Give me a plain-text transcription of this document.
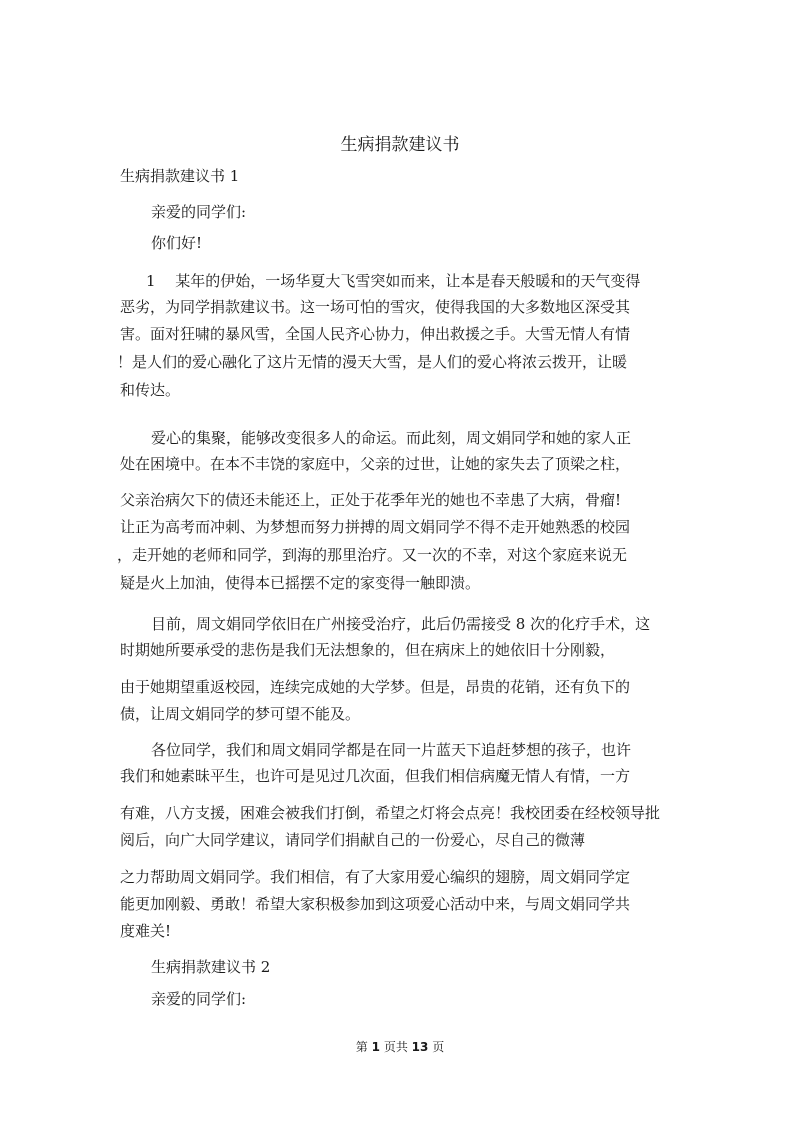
生病捐款建议书
生病捐款建议书 1
亲爱的同学们:
你们好!
1　 某年的伊始，一场华夏大飞雪突如而来，让本是春天般暖和的天气变得
恶劣，为同学捐款建议书。这一场可怕的雪灾，使得我国的大多数地区深受其
害。面对狂啸的暴风雪，全国人民齐心协力，伸出救援之手。大雪无情人有情
！是人们的爱心融化了这片无情的漫天大雪，是人们的爱心将浓云拨开，让暖
和传达。
爱心的集聚，能够改变很多人的命运。而此刻，周文娟同学和她的家人正
处在困境中。在本不丰饶的家庭中，父亲的过世，让她的家失去了顶梁之柱，
父亲治病欠下的债还未能还上，正处于花季年光的她也不幸患了大病，骨瘤!
让正为高考而冲刺、为梦想而努力拼搏的周文娟同学不得不走开她熟悉的校园
，走开她的老师和同学，到海的那里治疗。又一次的不幸，对这个家庭来说无
疑是火上加油，使得本已摇摆不定的家变得一触即溃。
目前，周文娟同学依旧在广州接受治疗，此后仍需接受 8 次的化疗手术，这
时期她所要承受的悲伤是我们无法想象的，但在病床上的她依旧十分刚毅，
由于她期望重返校园，连续完成她的大学梦。但是，昂贵的花销，还有负下的
债，让周文娟同学的梦可望不能及。
各位同学，我们和周文娟同学都是在同一片蓝天下追赶梦想的孩子，也许
我们和她素昧平生，也许可是见过几次面，但我们相信病魔无情人有情，一方
有难，八方支援，困难会被我们打倒，希望之灯将会点亮！我校团委在经校领导批
阅后，向广大同学建议，请同学们捐献自己的一份爱心，尽自己的微薄
之力帮助周文娟同学。我们相信，有了大家用爱心编织的翅膀，周文娟同学定
能更加刚毅、勇敢！希望大家积极参加到这项爱心活动中来，与周文娟同学共
度难关!
生病捐款建议书 2
亲爱的同学们:
第 1 页共 13 页
